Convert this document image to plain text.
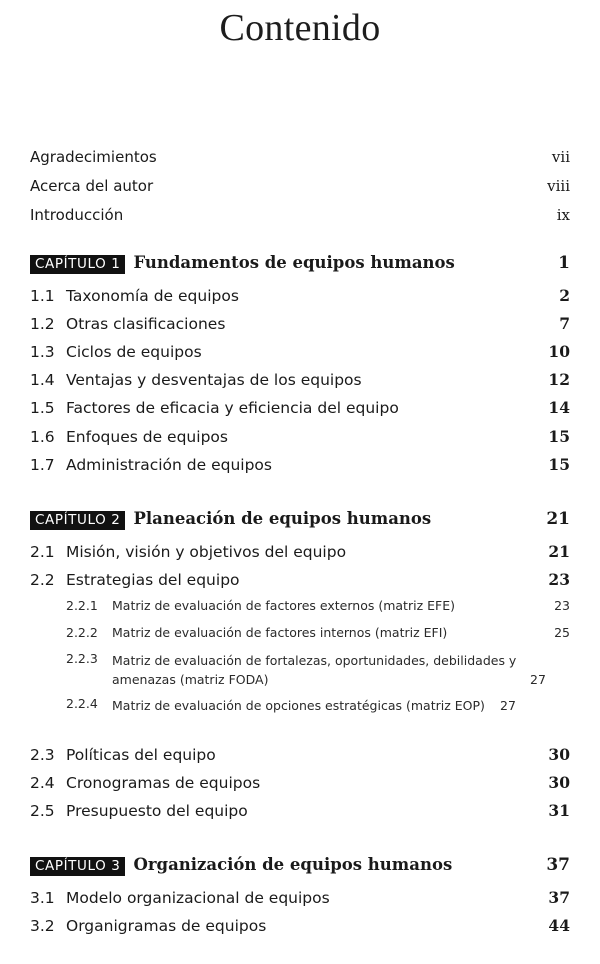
Contenido
Agradecimientos	vii
Acerca del autor	viii
Introducción	ix
CAPÍTULO 1 Fundamentos de equipos humanos	1
1.1 Taxonomía de equipos	2
1.2 Otras clasificaciones	7
1.3 Ciclos de equipos	10
1.4 Ventajas y desventajas de los equipos	12
1.5 Factores de eficacia y eficiencia del equipo	14
1.6 Enfoques de equipos	15
1.7 Administración de equipos	15
CAPÍTULO 2 Planeación de equipos humanos	21
2.1 Misión, visión y objetivos del equipo	21
2.2 Estrategias del equipo	23
2.2.1	Matriz de evaluación de factores externos (matriz EFE)	23
2.2.2	Matriz de evaluación de factores internos (matriz EFI)	25
2.2.3	Matriz de evaluación de fortalezas, oportunidades, debilidades y amenazas (matriz FODA)	27
2.2.4	Matriz de evaluación de opciones estratégicas (matriz EOP)	27
2.3 Políticas del equipo	30
2.4 Cronogramas de equipos	30
2.5 Presupuesto del equipo	31
CAPÍTULO 3 Organización de equipos humanos	37
3.1 Modelo organizacional de equipos	37
3.2 Organigramas de equipos	44
